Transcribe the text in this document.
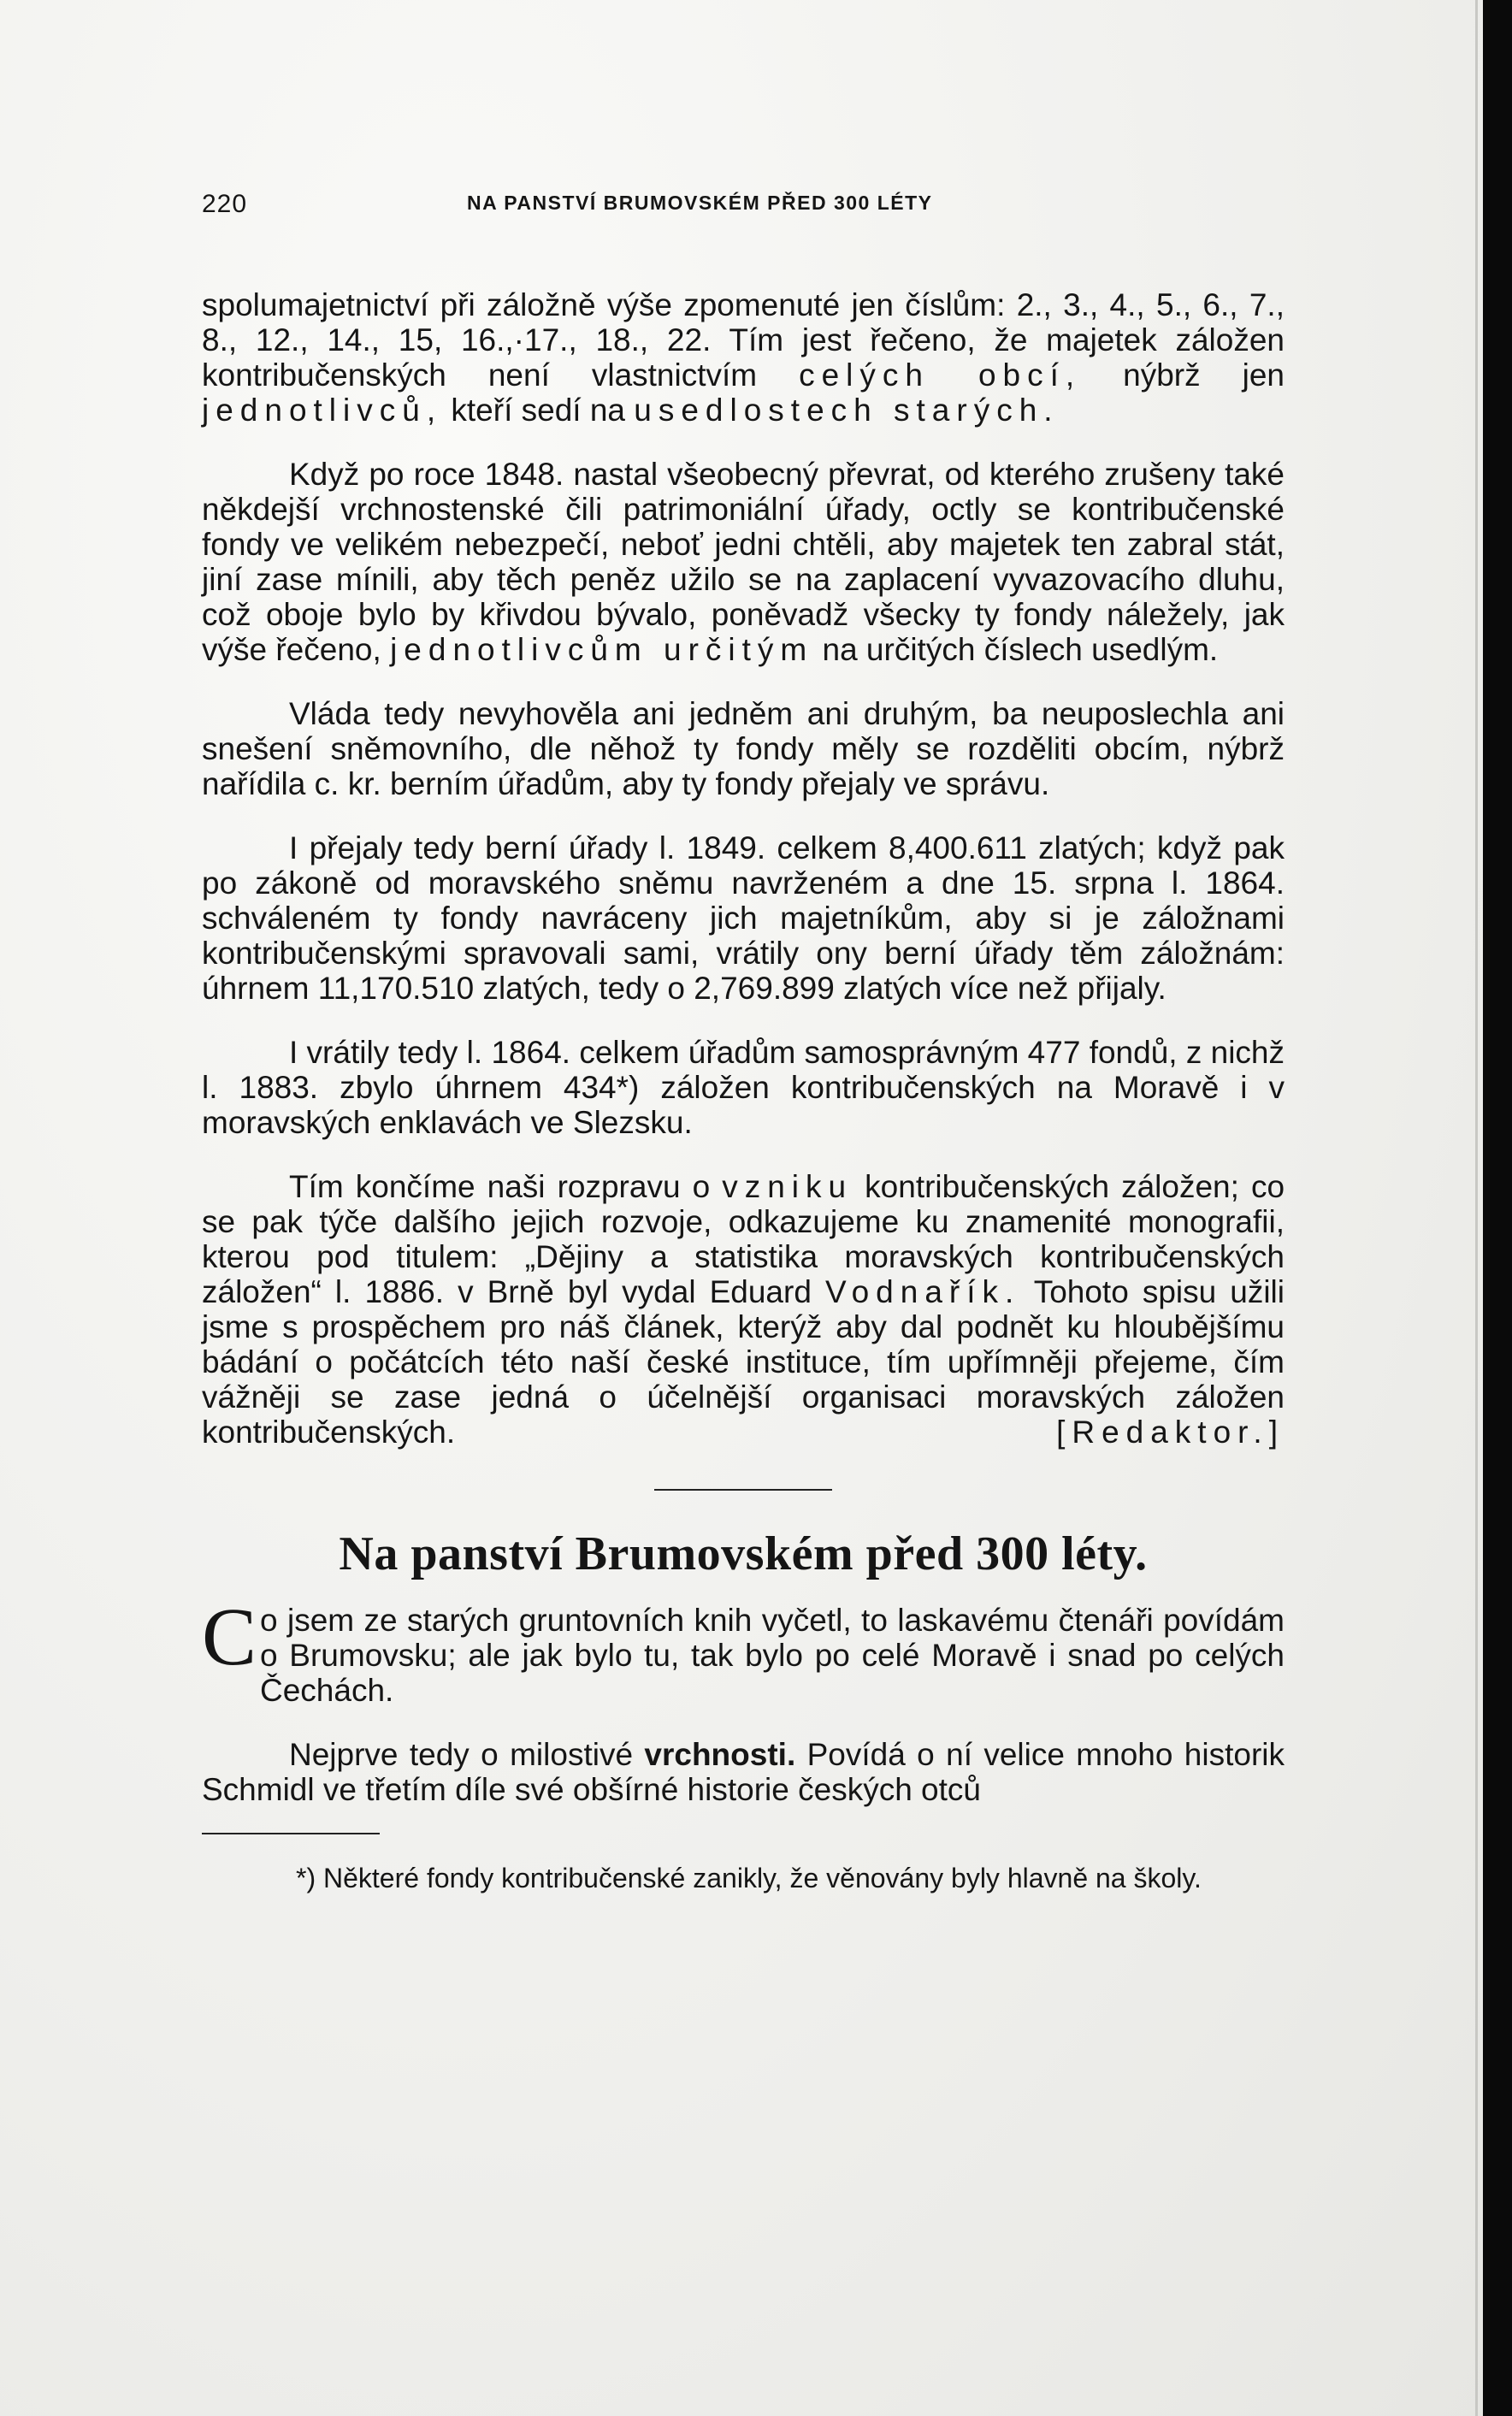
220	NA PANSTVÍ BRUMOVSKÉM PŘED 300 LÉTY

spolumajetnictví při záložně výše zpomenuté jen číslům: 2., 3., 4., 5., 6., 7., 8., 12., 14., 15, 16.,·17., 18., 22. Tím jest řečeno, že majetek záložen kontribučenských není vlastnictvím celých obcí, nýbrž jen jednotlivců, kteří sedí na usedlostech starých.

Když po roce 1848. nastal všeobecný převrat, od kterého zrušeny také někdejší vrchnostenské čili patrimoniální úřady, octly se kontribučenské fondy ve velikém nebezpečí, neboť jedni chtěli, aby majetek ten zabral stát, jiní zase mínili, aby těch peněz užilo se na zaplacení vyvazovacího dluhu, což oboje bylo by křivdou bývalo, poněvadž všecky ty fondy náležely, jak výše řečeno, jednotlivcům určitým na určitých číslech usedlým.

Vláda tedy nevyhověla ani jedněm ani druhým, ba neuposlechla ani snešení sněmovního, dle něhož ty fondy měly se rozděliti obcím, nýbrž nařídila c. kr. berním úřadům, aby ty fondy přejaly ve správu.

I přejaly tedy berní úřady l. 1849. celkem 8,400.611 zlatých; když pak po zákoně od moravského sněmu navrženém a dne 15. srpna l. 1864. schváleném ty fondy navráceny jich majetníkům, aby si je záložnami kontribučenskými spravovali sami, vrátily ony berní úřady těm záložnám: úhrnem 11,170.510 zlatých, tedy o 2,769.899 zlatých více než přijaly.

I vrátily tedy l. 1864. celkem úřadům samosprávným 477 fondů, z nichž l. 1883. zbylo úhrnem 434*) záložen kontribučenských na Moravě i v moravských enklavách ve Slezsku.

Tím končíme naši rozpravu o vzniku kontribučenských záložen; co se pak týče dalšího jejich rozvoje, odkazujeme ku znamenité monografii, kterou pod titulem: „Dějiny a statistika moravských kontribučenských záložen“ l. 1886. v Brně byl vydal Eduard Vodnařík. Tohoto spisu užili jsme s prospěchem pro náš článek, kterýž aby dal podnět ku hloubějšímu bádání o počátcích této naší české instituce, tím upřímněji přejeme, čím vážněji se zase jedná o účelnější organisaci moravských záložen kontribučenských.	[Redaktor.]

Na panství Brumovském před 300 léty.

C o jsem ze starých gruntovních knih vyčetl, to laskavému čtenáři povídám o Brumovsku; ale jak bylo tu, tak bylo po celé Moravě i snad po celých Čechách.

Nejprve tedy o milostivé vrchnosti. Povídá o ní velice mnoho historik Schmidl ve třetím díle své obšírné historie českých otců

*) Některé fondy kontribučenské zanikly, že věnovány byly hlavně na školy.
